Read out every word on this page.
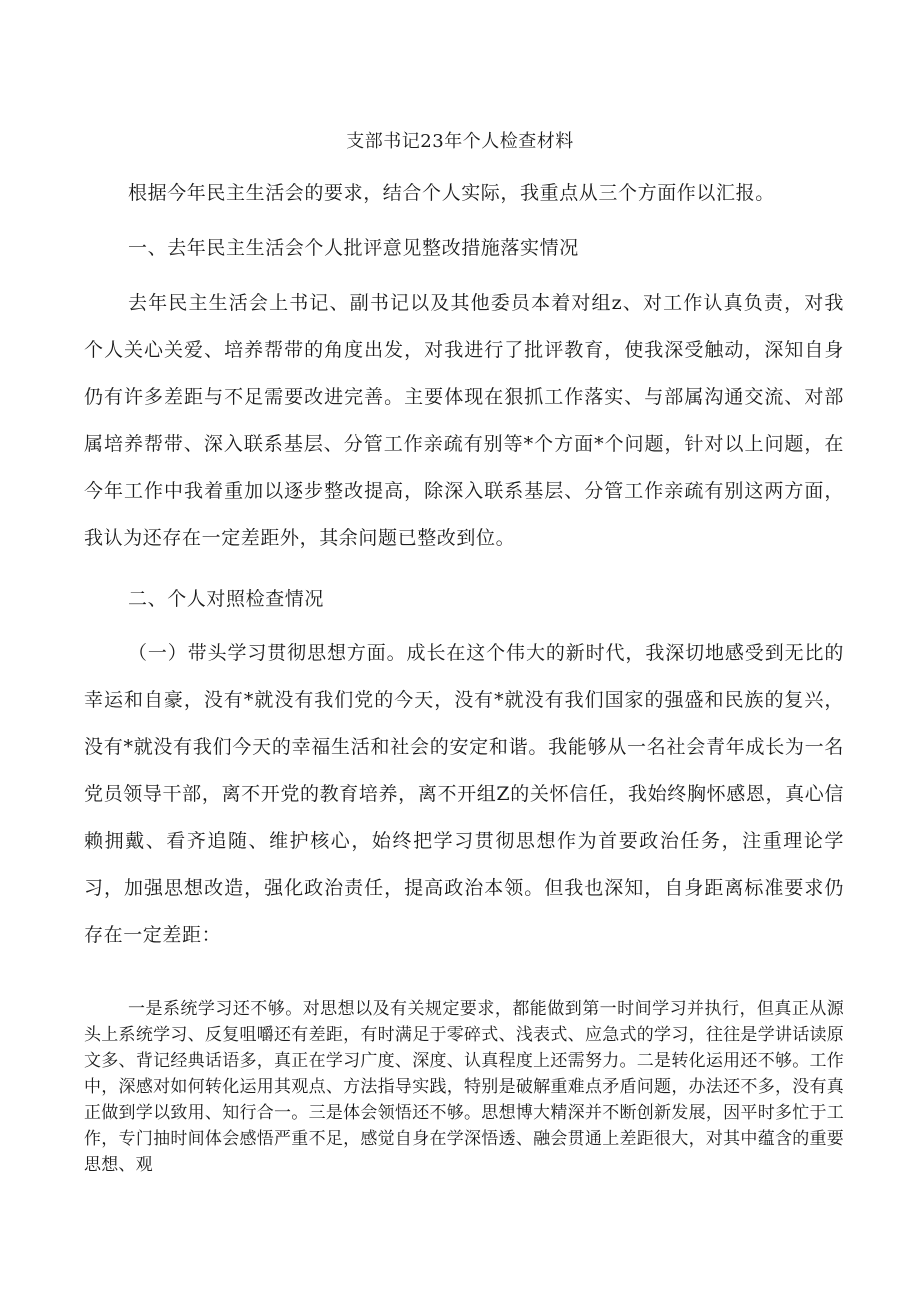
支部书记23年个人检查材料

根据今年民主生活会的要求，结合个人实际，我重点从三个方面作以汇报。

一、去年民主生活会个人批评意见整改措施落实情况

去年民主生活会上书记、副书记以及其他委员本着对组z、对工作认真负责，对我个人关心关爱、培养帮带的角度出发，对我进行了批评教育，使我深受触动，深知自身仍有许多差距与不足需要改进完善。主要体现在狠抓工作落实、与部属沟通交流、对部属培养帮带、深入联系基层、分管工作亲疏有别等*个方面*个问题，针对以上问题，在今年工作中我着重加以逐步整改提高，除深入联系基层、分管工作亲疏有别这两方面，我认为还存在一定差距外，其余问题已整改到位。

二、个人对照检查情况

（一）带头学习贯彻思想方面。成长在这个伟大的新时代，我深切地感受到无比的幸运和自豪，没有*就没有我们党的今天，没有*就没有我们国家的强盛和民族的复兴，没有*就没有我们今天的幸福生活和社会的安定和谐。我能够从一名社会青年成长为一名党员领导干部，离不开党的教育培养，离不开组Z的关怀信任，我始终胸怀感恩，真心信赖拥戴、看齐追随、维护核心，始终把学习贯彻思想作为首要政治任务，注重理论学习，加强思想改造，强化政治责任，提高政治本领。但我也深知，自身距离标准要求仍存在一定差距：

一是系统学习还不够。对思想以及有关规定要求，都能做到第一时间学习并执行，但真正从源头上系统学习、反复咀嚼还有差距，有时满足于零碎式、浅表式、应急式的学习，往往是学讲话读原文多、背记经典话语多，真正在学习广度、深度、认真程度上还需努力。二是转化运用还不够。工作中，深感对如何转化运用其观点、方法指导实践，特别是破解重难点矛盾问题，办法还不多，没有真正做到学以致用、知行合一。三是体会领悟还不够。思想博大精深并不断创新发展，因平时多忙于工作，专门抽时间体会感悟严重不足，感觉自身在学深悟透、融会贯通上差距很大，对其中蕴含的重要思想、观
